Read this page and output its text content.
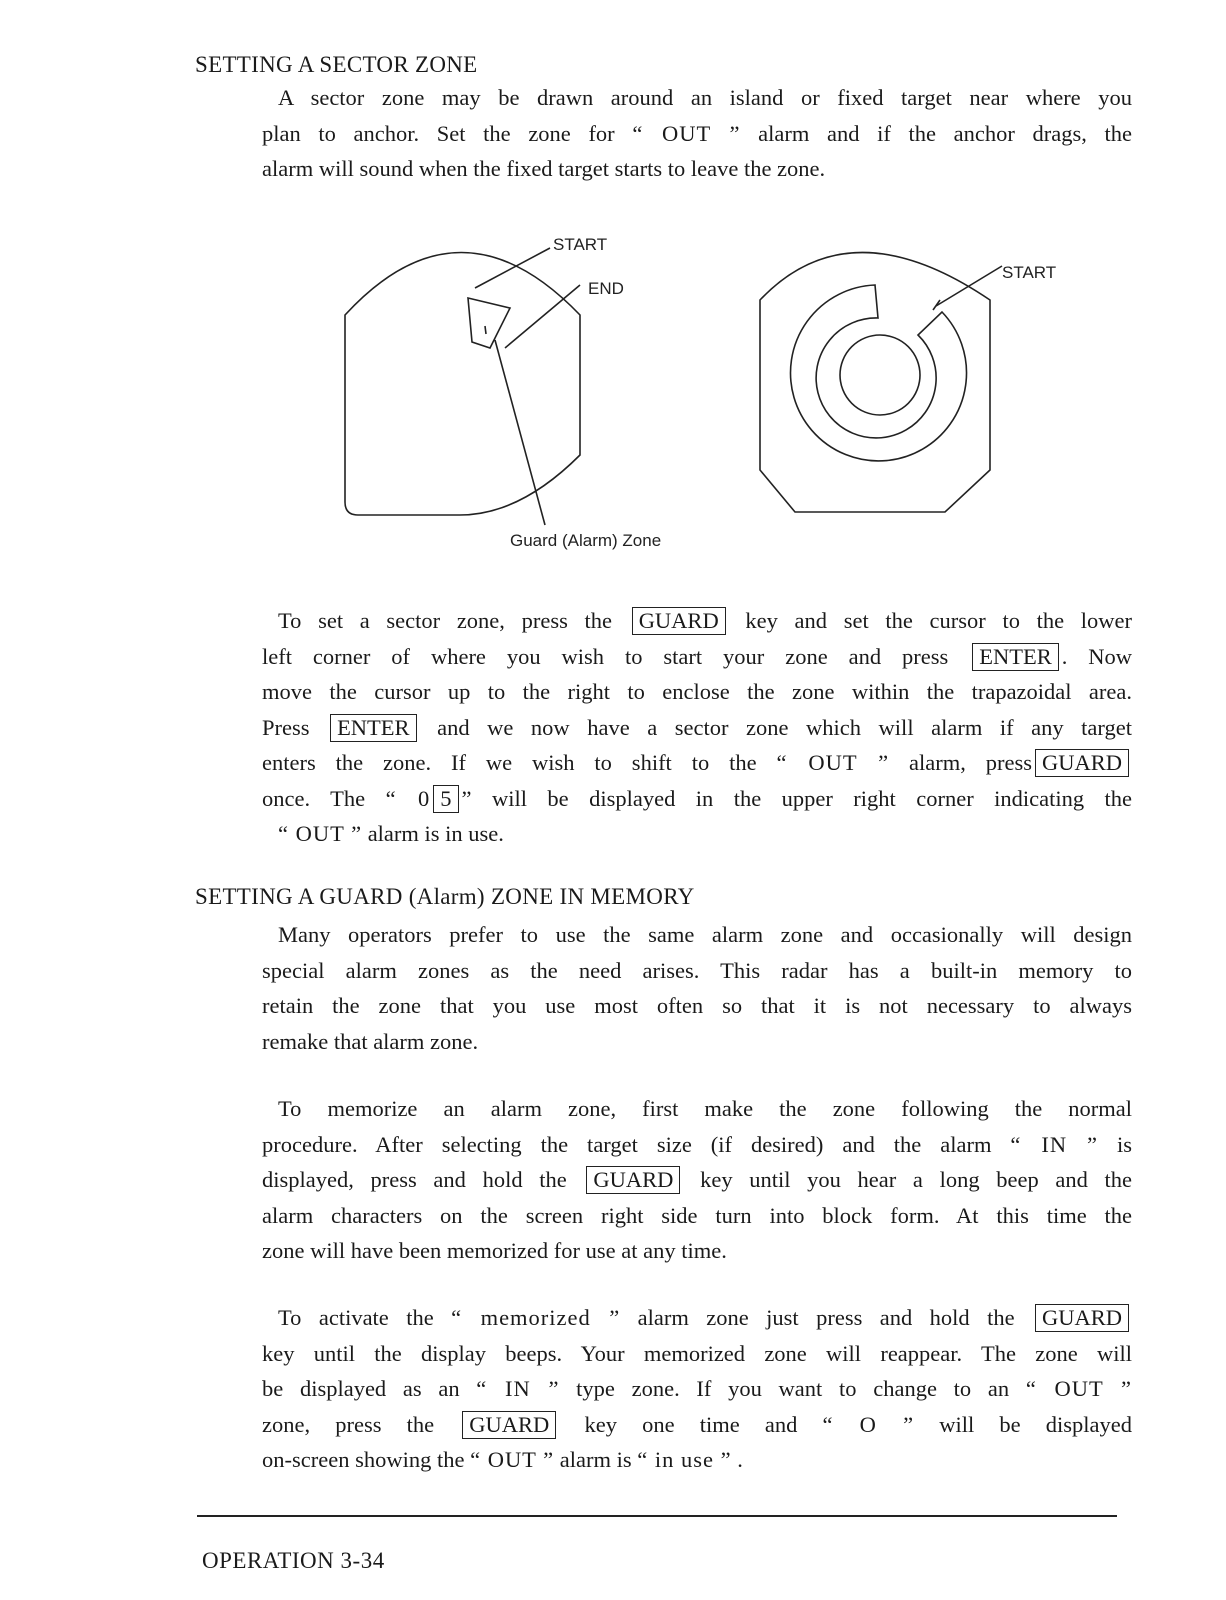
SETTING A SECTOR ZONE
A sector zone may be drawn around an island or fixed target near where you
plan to anchor. Set the zone for “ OUT ” alarm and if the anchor drags, the
alarm will sound when the fixed target starts to leave the zone.
START
END
START
Guard (Alarm) Zone
To set a sector zone, press the GUARD key and set the cursor to the lower
left corner of where you wish to start your zone and press ENTER . Now
move the cursor up to the right to enclose the zone within the trapazoidal area.
Press ENTER and we now have a sector zone which will alarm if any target
enters the zone. If we wish to shift to the “ OUT ” alarm, press GUARD
once. The “ 0 5 ” will be displayed in the upper right corner indicating the
“ OUT ” alarm is in use.
SETTING A GUARD (Alarm) ZONE IN MEMORY
Many operators prefer to use the same alarm zone and occasionally will design
special alarm zones as the need arises. This radar has a built-in memory to
retain the zone that you use most often so that it is not necessary to always
remake that alarm zone.
To memorize an alarm zone, first make the zone following the normal
procedure. After selecting the target size (if desired) and the alarm “ IN ” is
displayed, press and hold the GUARD key until you hear a long beep and the
alarm characters on the screen right side turn into block form. At this time the
zone will have been memorized for use at any time.
To activate the “ memorized ” alarm zone just press and hold the GUARD
key until the display beeps. Your memorized zone will reappear. The zone will
be displayed as an “ IN ” type zone. If you want to change to an “ OUT ”
zone, press the GUARD key one time and “ O ” will be displayed
on-screen showing the “ OUT ” alarm is “ in use ” .
OPERATION 3-34
